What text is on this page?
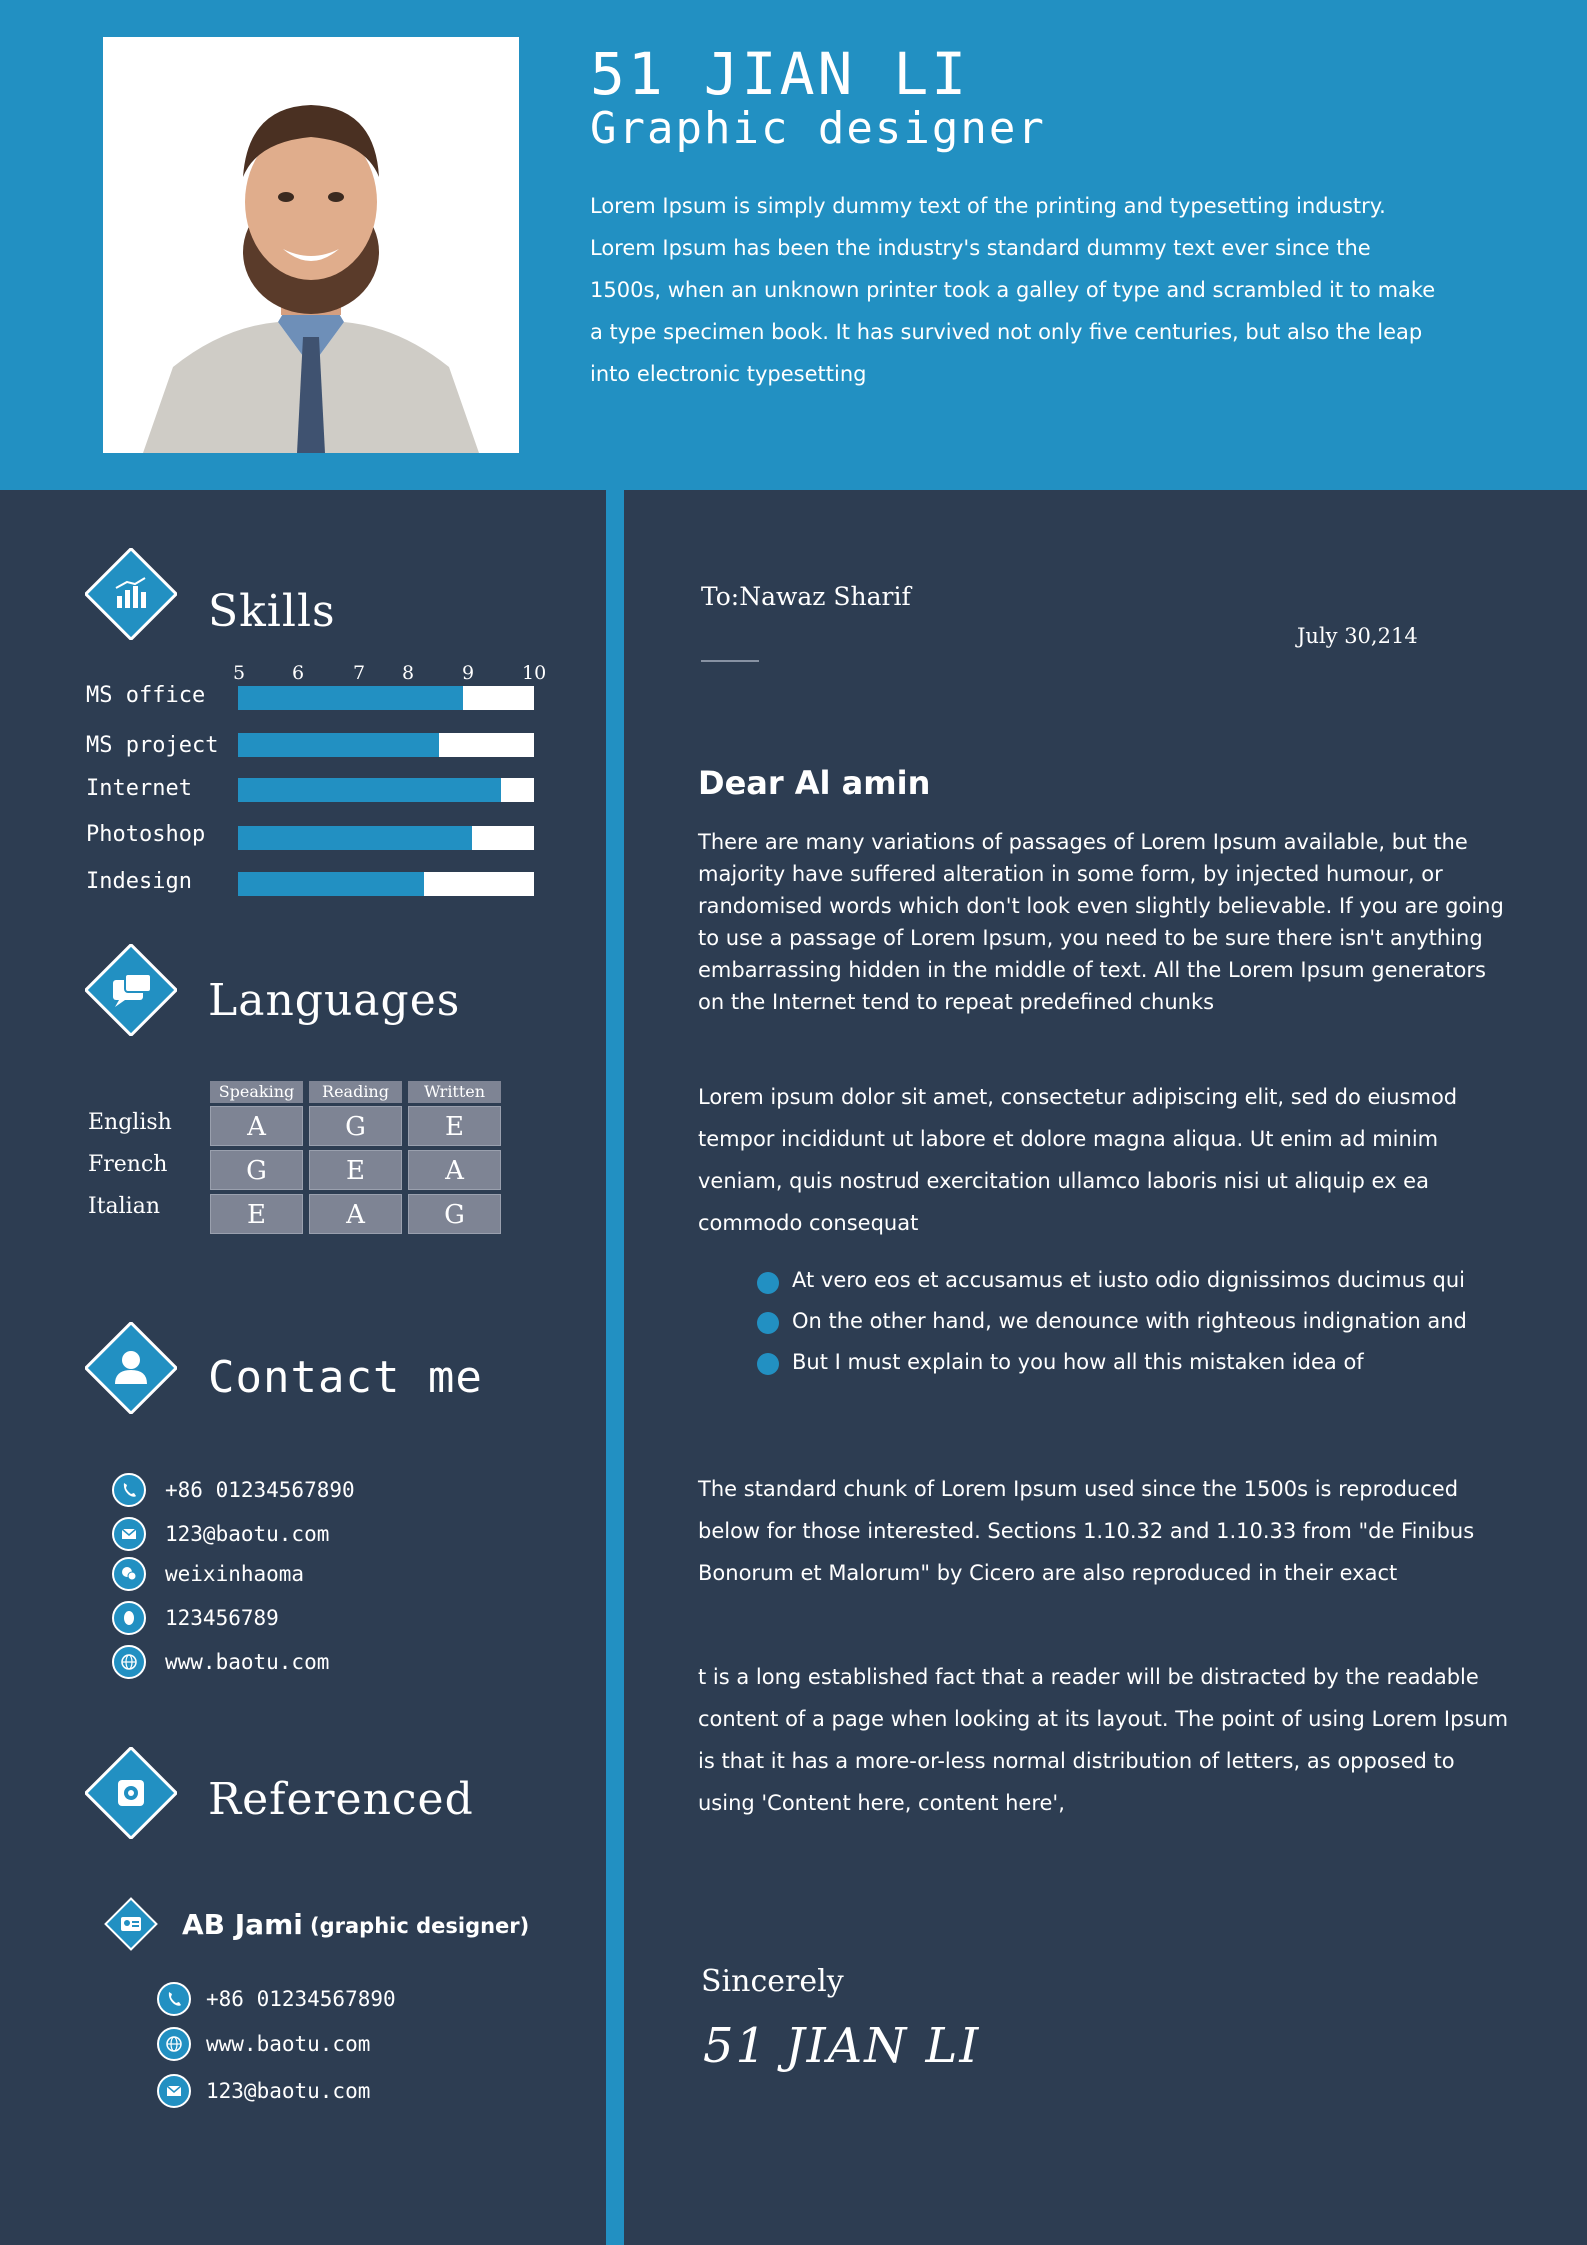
51 JIAN LI
Graphic designer

Lorem Ipsum is simply dummy text of the printing and typesetting industry. Lorem Ipsum has been the industry's standard dummy text ever since the 1500s, when an unknown printer took a galley of type and scrambled it to make a type specimen book. It has survived not only five centuries, but also the leap into electronic typesetting

Skills
5 6	7 8	9	10
MS office
MS project
Internet
Photoshop
Indesign
Languages
Speaking	Reading	Written
English	A	G	E
French	G	E	A
Italian	E	A	G
Contact me
+86 01234567890
123@baotu.com
weixinhaoma
123456789
www.baotu.com
Referenced
AB Jami (graphic designer)
+86 01234567890
www.baotu.com
123@baotu.com
To:Nawaz Sharif
July 30,214
Dear Al amin

There are many variations of passages of Lorem Ipsum available, but the majority have suffered alteration in some form, by injected humour, or randomised words which don't look even slightly believable. If you are going to use a passage of Lorem Ipsum, you need to be sure there isn't anything embarrassing hidden in the middle of text. All the Lorem Ipsum generators on the Internet tend to repeat predefined chunks

Lorem ipsum dolor sit amet, consectetur adipiscing elit, sed do eiusmod tempor incididunt ut labore et dolore magna aliqua. Ut enim ad minim veniam, quis nostrud exercitation ullamco laboris nisi ut aliquip ex ea commodo consequat

At vero eos et accusamus et iusto odio dignissimos ducimus qui
On the other hand, we denounce with righteous indignation and
But I must explain to you how all this mistaken idea of

The standard chunk of Lorem Ipsum used since the 1500s is reproduced below for those interested. Sections 1.10.32 and 1.10.33 from "de Finibus Bonorum et Malorum" by Cicero are also reproduced in their exact

t is a long established fact that a reader will be distracted by the readable content of a page when looking at its layout. The point of using Lorem Ipsum is that it has a more-or-less normal distribution of letters, as opposed to using 'Content here, content here',

Sincerely
51 JIAN LI
